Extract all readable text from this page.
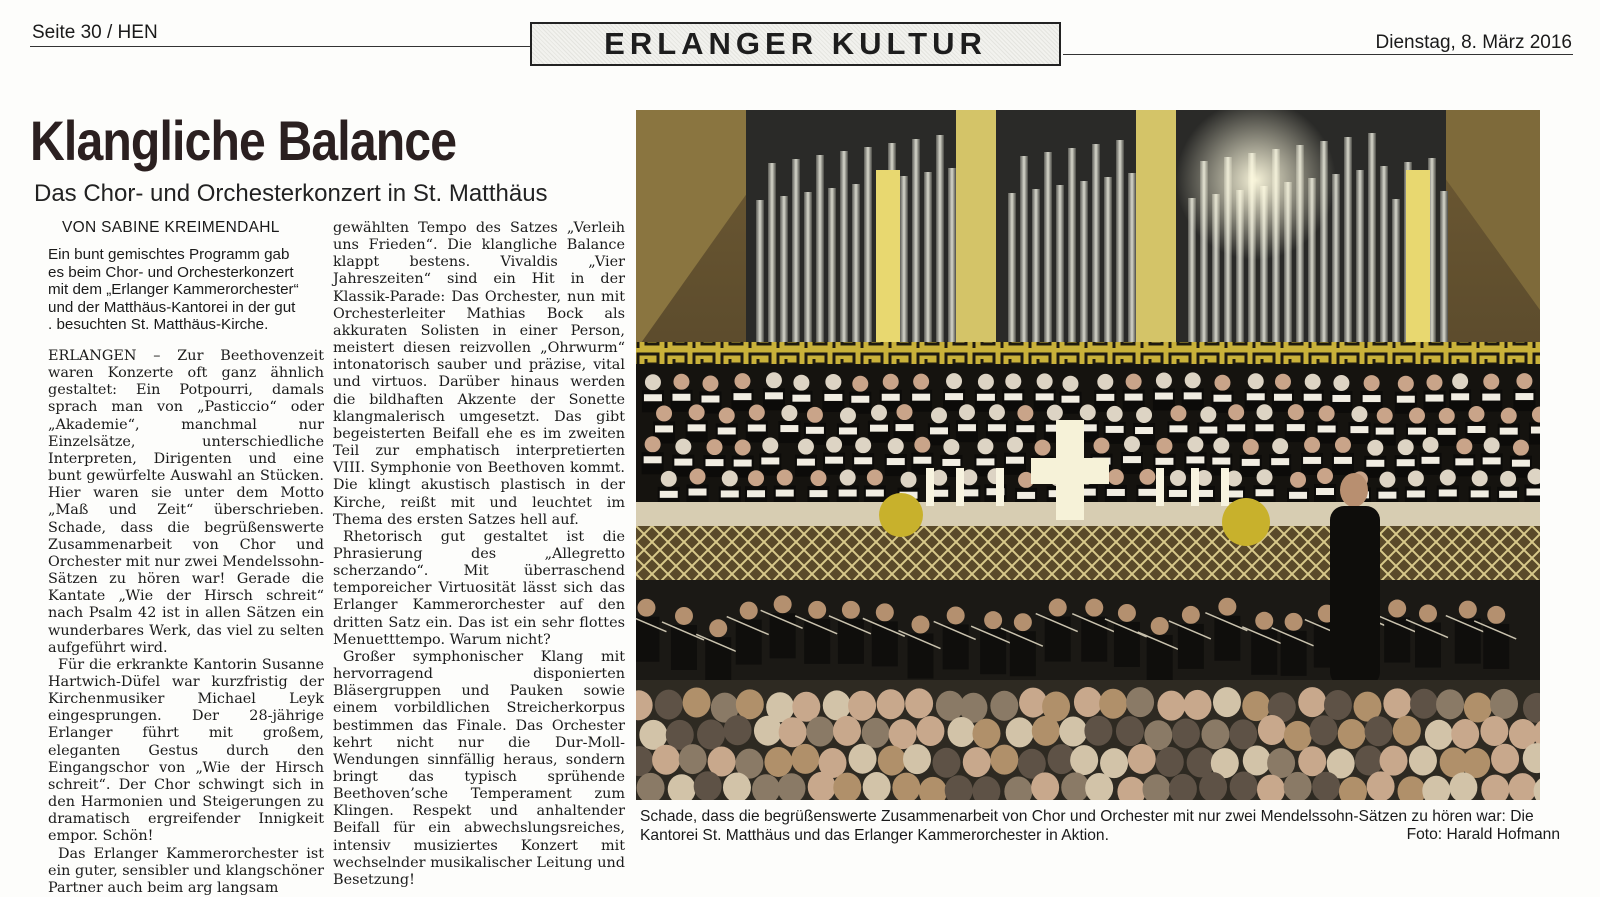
Seite 30 / HEN	ERLANGER KULTUR	Dienstag, 8. März 2016
Klangliche Balance
Das Chor- und Orchesterkonzert in St. Matthäus
VON SABINE KREIMENDAHL

Ein bunt gemischtes Programm gab

es beim Chor- und Orchesterkonzert

mit dem „Erlanger Kammerorchester“

und der Matthäus-Kantorei in der gut

. besuchten St. Matthäus-Kirche.

ERLANGEN – Zur Beethovenzeit waren Konzerte oft ganz ähnlich gestaltet: Ein Potpourri, damals sprach man von „Pasticcio“ oder „Akademie“, manchmal nur Einzelsätze, unterschiedliche Interpreten, Dirigenten und eine bunt gewürfelte Auswahl an Stücken. Hier waren sie unter dem Motto „Maß und Zeit“ überschrieben. Schade, dass die begrüßenswerte Zusammenarbeit von Chor und Orchester mit nur zwei Mendelssohn-Sätzen zu hören war! Gerade die Kantate „Wie der Hirsch schreit“ nach Psalm 42 ist in allen Sätzen ein wunderbares Werk, das viel zu selten aufgeführt wird.

Für die erkrankte Kantorin Susanne Hartwich-Düfel war kurzfristig der Kirchenmusiker Michael Leyk eingesprungen. Der 28-jährige Erlanger führt mit großem, eleganten Gestus durch den Eingangschor von „Wie der Hirsch schreit“. Der Chor schwingt sich in den Harmonien und Steigerungen zu dramatisch ergreifender Innigkeit empor. Schön!

Das Erlanger Kammerorchester ist ein guter, sensibler und klangschöner Partner auch beim arg langsam

gewählten Tempo des Satzes „Verleih uns Frieden“. Die klangliche Balance klappt bestens. Vivaldis „Vier Jahreszeiten“ sind ein Hit in der Klassik-Parade: Das Orchester, nun mit Orchesterleiter Mathias Bock als akkuraten Solisten in einer Person, meistert diesen reizvollen „Ohrwurm“ intonatorisch sauber und präzise, vital und virtuos. Darüber hinaus werden die bildhaften Akzente der Sonette klangmalerisch umgesetzt. Das gibt begeisterten Beifall ehe es im zweiten Teil zur emphatisch interpretierten VIII. Symphonie von Beethoven kommt. Die klingt akustisch plastisch in der Kirche, reißt mit und leuchtet im Thema des ersten Satzes hell auf.

Rhetorisch gut gestaltet ist die Phrasierung des „Allegretto scherzando“. Mit überraschend temporeicher Virtuosität lässt sich das Erlanger Kammerorchester auf den dritten Satz ein. Das ist ein sehr flottes Menuetttempo. Warum nicht?

Großer symphonischer Klang mit hervorragend disponierten Bläsergruppen und Pauken sowie einem vorbildlichen Streicherkorpus bestimmen das Finale. Das Orchester kehrt nicht nur die Dur-Moll-Wendungen sinnfällig heraus, sondern bringt das typisch sprühende Beethoven’sche Temperament zum Klingen. Respekt und anhaltender Beifall für ein abwechslungsreiches, intensiv musiziertes Konzert mit wechselnder musikalischer Leitung und Besetzung!

Schade, dass die begrüßenswerte Zusammenarbeit von Chor und Orchester mit nur zwei Mendelssohn-Sätzen zu hören war: Die Kantorei St. Matthäus und das Erlanger Kammerorchester in Aktion.	Foto: Harald Hofmann
